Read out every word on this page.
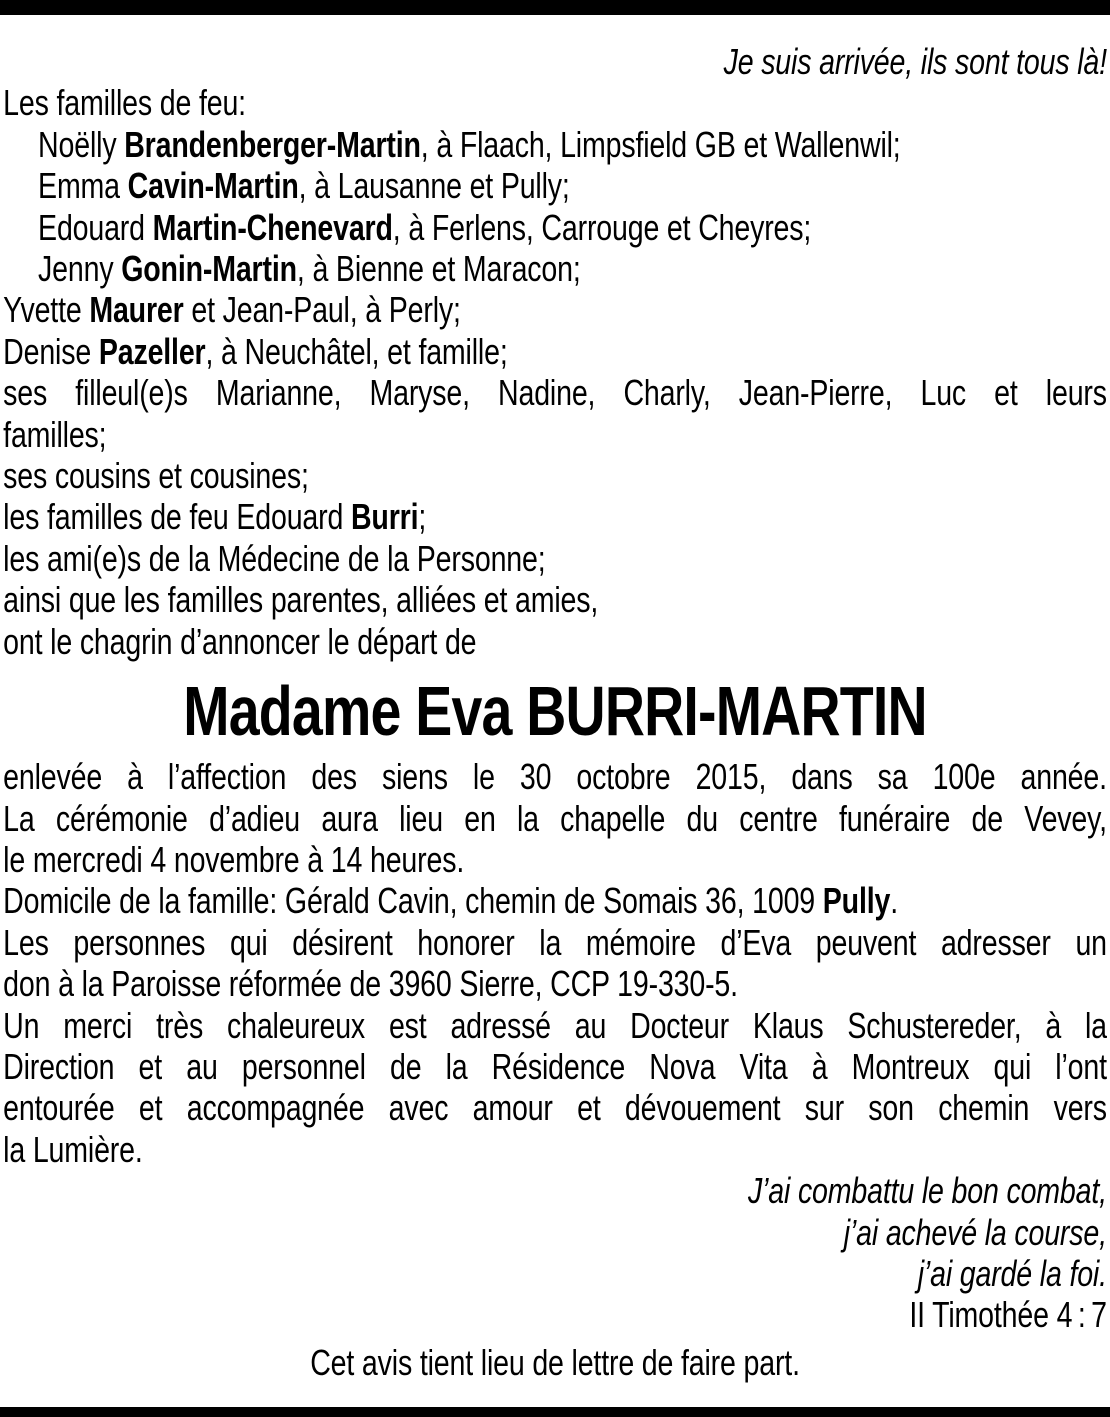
Je suis arrivée, ils sont tous là!
Les familles de feu:
Noëlly Brandenberger-Martin, à Flaach, Limpsfield GB et Wallenwil;
Emma Cavin-Martin, à Lausanne et Pully;
Edouard Martin-Chenevard, à Ferlens, Carrouge et Cheyres;
Jenny Gonin-Martin, à Bienne et Maracon;
Yvette Maurer et Jean-Paul, à Perly;
Denise Pazeller, à Neuchâtel, et famille;
ses filleul(e)s Marianne, Maryse, Nadine, Charly, Jean-Pierre, Luc et leurs
familles;
ses cousins et cousines;
les familles de feu Edouard Burri;
les ami(e)s de la Médecine de la Personne;
ainsi que les familles parentes, alliées et amies,
ont le chagrin d’annoncer le départ de
Madame Eva BURRI-MARTIN
enlevée à l’affection des siens le 30 octobre 2015, dans sa 100e année.
La cérémonie d’adieu aura lieu en la chapelle du centre funéraire de Vevey,
le mercredi 4 novembre à 14 heures.
Domicile de la famille: Gérald Cavin, chemin de Somais 36, 1009 Pully.
Les personnes qui désirent honorer la mémoire d’Eva peuvent adresser un
don à la Paroisse réformée de 3960 Sierre, CCP 19-330-5.
Un merci très chaleureux est adressé au Docteur Klaus Schustereder, à la
Direction et au personnel de la Résidence Nova Vita à Montreux qui l’ont
entourée et accompagnée avec amour et dévouement sur son chemin vers
la Lumière.
J’ai combattu le bon combat,
j’ai achevé la course,
j’ai gardé la foi.
II Timothée 4 : 7
Cet avis tient lieu de lettre de faire part.
